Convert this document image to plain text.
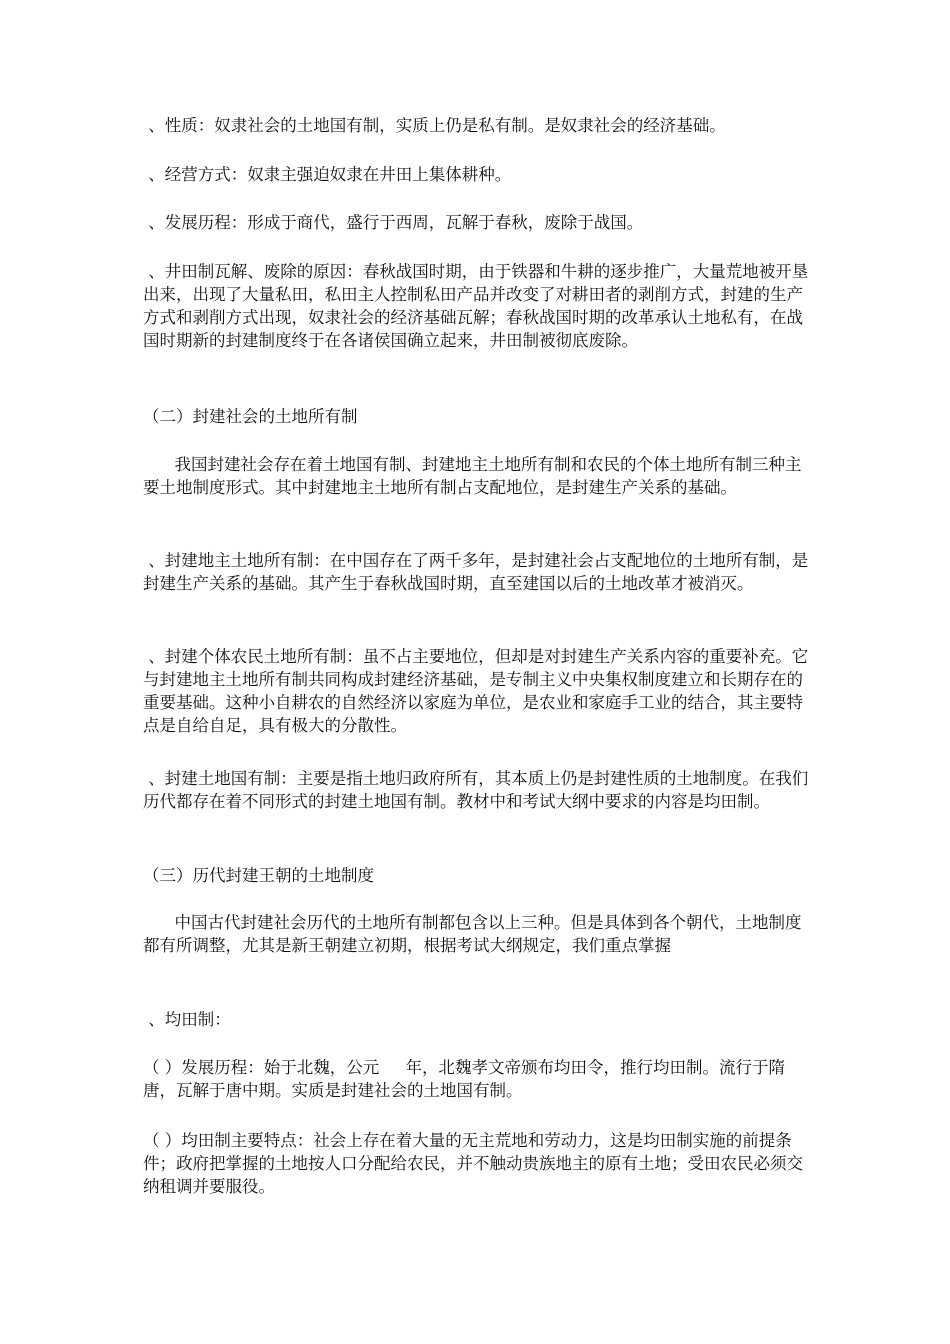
、性质：奴隶社会的土地国有制，实质上仍是私有制。是奴隶社会的经济基础。

、经营方式：奴隶主强迫奴隶在井田上集体耕种。

、发展历程：形成于商代，盛行于西周，瓦解于春秋，废除于战国。

、井田制瓦解、废除的原因：春秋战国时期，由于铁器和牛耕的逐步推广，大量荒地被开垦出来，出现了大量私田，私田主人控制私田产品并改变了对耕田者的剥削方式，封建的生产方式和剥削方式出现，奴隶社会的经济基础瓦解；春秋战国时期的改革承认土地私有，在战国时期新的封建制度终于在各诸侯国确立起来，井田制被彻底废除。

（二）封建社会的土地所有制

我国封建社会存在着土地国有制、封建地主土地所有制和农民的个体土地所有制三种主要土地制度形式。其中封建地主土地所有制占支配地位，是封建生产关系的基础。

、封建地主土地所有制：在中国存在了两千多年，是封建社会占支配地位的土地所有制，是封建生产关系的基础。其产生于春秋战国时期，直至建国以后的土地改革才被消灭。

、封建个体农民土地所有制：虽不占主要地位，但却是对封建生产关系内容的重要补充。它与封建地主土地所有制共同构成封建经济基础，是专制主义中央集权制度建立和长期存在的重要基础。这种小自耕农的自然经济以家庭为单位，是农业和家庭手工业的结合，其主要特点是自给自足，具有极大的分散性。

、封建土地国有制：主要是指土地归政府所有，其本质上仍是封建性质的土地制度。在我们历代都存在着不同形式的封建土地国有制。教材中和考试大纲中要求的内容是均田制。

（三）历代封建王朝的土地制度

中国古代封建社会历代的土地所有制都包含以上三种。但是具体到各个朝代，土地制度都有所调整，尤其是新王朝建立初期，根据考试大纲规定，我们重点掌握

、均田制：

（ ）发展历程：始于北魏，公元     年，北魏孝文帝颁布均田令，推行均田制。流行于隋唐，瓦解于唐中期。实质是封建社会的土地国有制。

（ ）均田制主要特点：社会上存在着大量的无主荒地和劳动力，这是均田制实施的前提条件；政府把掌握的土地按人口分配给农民，并不触动贵族地主的原有土地；受田农民必须交纳租调并要服役。
